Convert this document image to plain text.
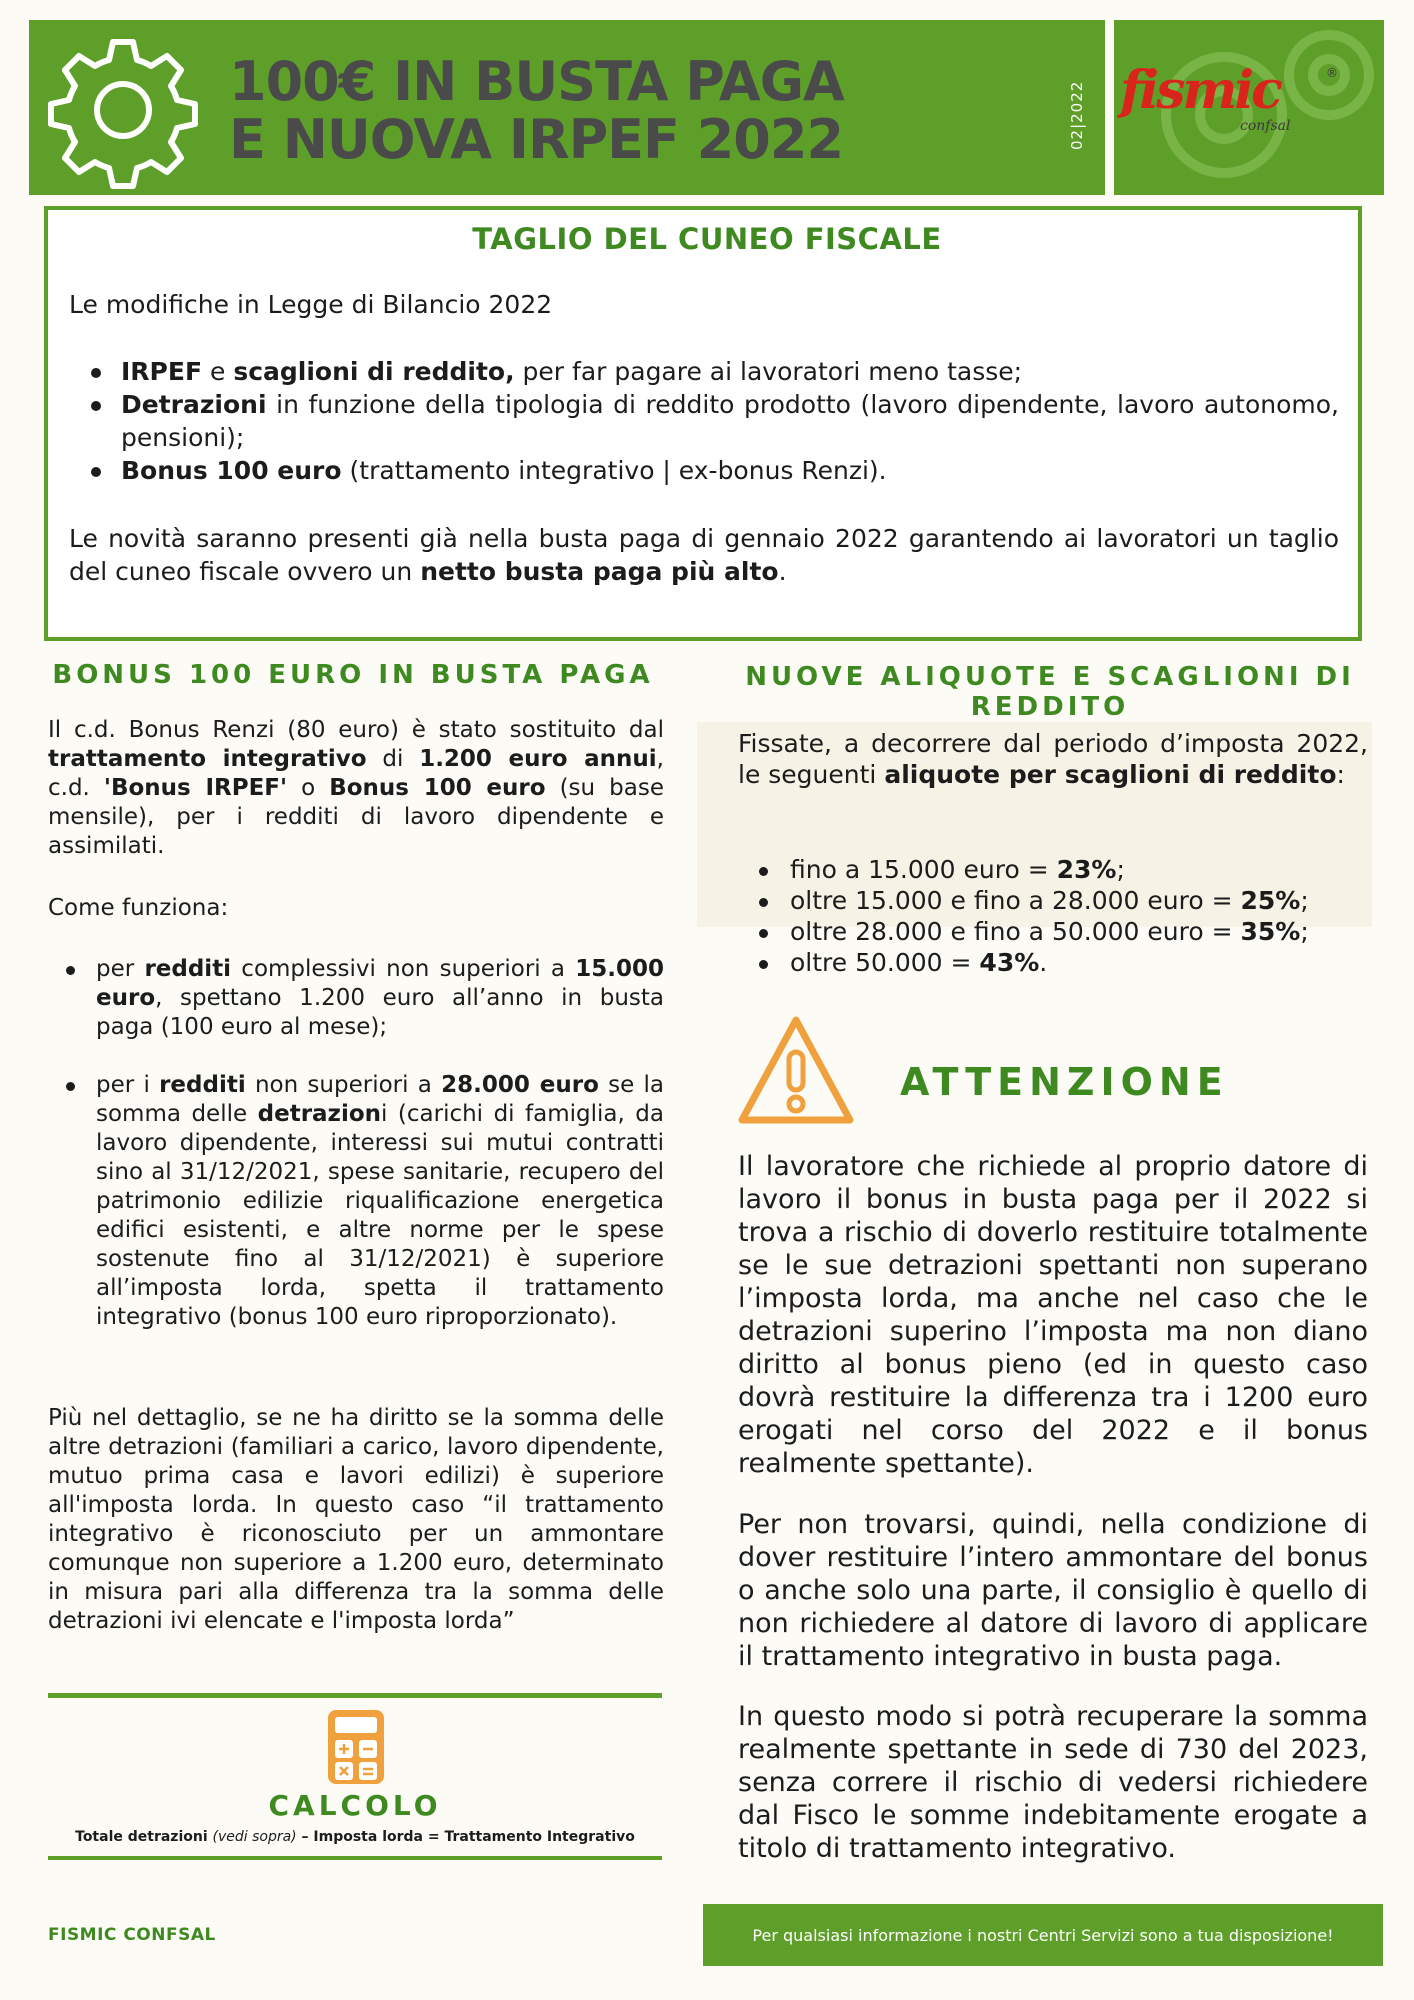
100€ IN BUSTA PAGA
E NUOVA IRPEF 2022	02|2022 fismic
confsal
®
TAGLIO DEL CUNEO FISCALE
Le modifiche in Legge di Bilancio 2022
IRPEF e scaglioni di reddito, per far pagare ai lavoratori meno tasse;
Detrazioni in funzione della tipologia di reddito prodotto (lavoro dipendente, lavoro autonomo, pensioni);
Bonus 100 euro (trattamento integrativo | ex-bonus Renzi).
Le novità saranno presenti già nella busta paga di gennaio 2022 garantendo ai lavoratori un taglio del cuneo fiscale ovvero un netto busta paga più alto.
BONUS 100 EURO IN BUSTA PAGA
Il c.d. Bonus Renzi (80 euro) è stato sostituito dal trattamento integrativo di 1.200 euro annui, c.d. 'Bonus IRPEF' o Bonus 100 euro (su base mensile), per i redditi di lavoro dipendente e assimilati.
Come funziona:
per redditi complessivi non superiori a 15.000 euro, spettano 1.200 euro all’anno in busta paga (100 euro al mese);
per i redditi non superiori a 28.000 euro se la somma delle detrazioni (carichi di famiglia, da lavoro dipendente, interessi sui mutui contratti sino al 31/12/2021, spese sanitarie, recupero del patrimonio edilizie riqualificazione energetica edifici esistenti, e altre norme per le spese sostenute fino al 31/12/2021) è superiore all’imposta lorda, spetta il trattamento integrativo (bonus 100 euro riproporzionato).
Più nel dettaglio, se ne ha diritto se la somma delle altre detrazioni (familiari a carico, lavoro dipendente, mutuo prima casa e lavori edilizi) è superiore all'imposta lorda. In questo caso “il trattamento integrativo è riconosciuto per un ammontare comunque non superiore a 1.200 euro, determinato in misura pari alla differenza tra la somma delle detrazioni ivi elencate e l'imposta lorda”
CALCOLO
Totale detrazioni (vedi sopra) – Imposta lorda = Trattamento Integrativo
NUOVE ALIQUOTE E SCAGLIONI DI REDDITO
Fissate, a decorrere dal periodo d’imposta 2022, le seguenti aliquote per scaglioni di reddito:
fino a 15.000 euro = 23%;
oltre 15.000 e fino a 28.000 euro = 25%;
oltre 28.000 e fino a 50.000 euro = 35%;
oltre 50.000 = 43%.
ATTENZIONE
Il lavoratore che richiede al proprio datore di lavoro il bonus in busta paga per il 2022 si trova a rischio di doverlo restituire totalmente se le sue detrazioni spettanti non superano l’imposta lorda, ma anche nel caso che le detrazioni superino l’imposta ma non diano diritto al bonus pieno (ed in questo caso dovrà restituire la differenza tra i 1200 euro erogati nel corso del 2022 e il bonus realmente spettante).
Per non trovarsi, quindi, nella condizione di dover restituire l’intero ammontare del bonus o anche solo una parte, il consiglio è quello di non richiedere al datore di lavoro di applicare il trattamento integrativo in busta paga.
In questo modo si potrà recuperare la somma realmente spettante in sede di 730 del 2023, senza correre il rischio di vedersi richiedere dal Fisco le somme indebitamente erogate a titolo di trattamento integrativo.
FISMIC CONFSAL	Per qualsiasi informazione i nostri Centri Servizi sono a tua disposizione!
